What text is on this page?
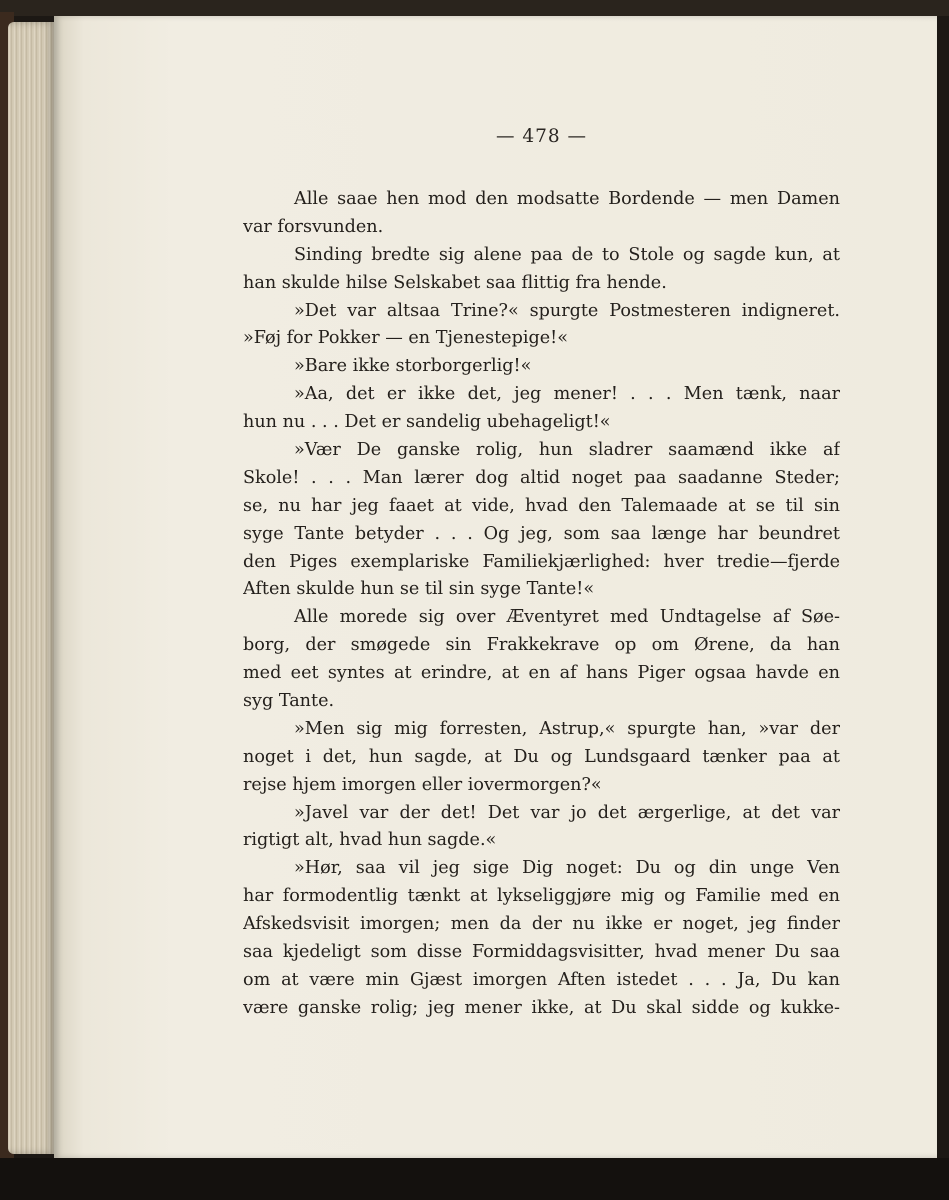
— 478 —
Alle saae hen mod den modsatte Bordende — men Damen
var forsvunden.
Sinding bredte sig alene paa de to Stole og sagde kun, at
han skulde hilse Selskabet saa flittig fra hende.
»Det var altsaa Trine?« spurgte Postmesteren indigneret.
»Føj for Pokker — en Tjenestepige!«
»Bare ikke storborgerlig!«
»Aa, det er ikke det, jeg mener! . . . Men tænk, naar
hun nu . . . Det er sandelig ubehageligt!«
»Vær De ganske rolig, hun sladrer saamænd ikke af
Skole! . . . Man lærer dog altid noget paa saadanne Steder;
se, nu har jeg faaet at vide, hvad den Talemaade at se til sin
syge Tante betyder . . . Og jeg, som saa længe har beundret
den Piges exemplariske Familiekjærlighed: hver tredie—fjerde
Aften skulde hun se til sin syge Tante!«
Alle morede sig over Æventyret med Undtagelse af Søe-
borg, der smøgede sin Frakkekrave op om Ørene, da han
med eet syntes at erindre, at en af hans Piger ogsaa havde en
syg Tante.
»Men sig mig forresten, Astrup,« spurgte han, »var der
noget i det, hun sagde, at Du og Lundsgaard tænker paa at
rejse hjem imorgen eller iovermorgen?«
»Javel var der det! Det var jo det ærgerlige, at det var
rigtigt alt, hvad hun sagde.«
»Hør, saa vil jeg sige Dig noget: Du og din unge Ven
har formodentlig tænkt at lykseliggjøre mig og Familie med en
Afskedsvisit imorgen; men da der nu ikke er noget, jeg finder
saa kjedeligt som disse Formiddagsvisitter, hvad mener Du saa
om at være min Gjæst imorgen Aften istedet . . . Ja, Du kan
være ganske rolig; jeg mener ikke, at Du skal sidde og kukke-
